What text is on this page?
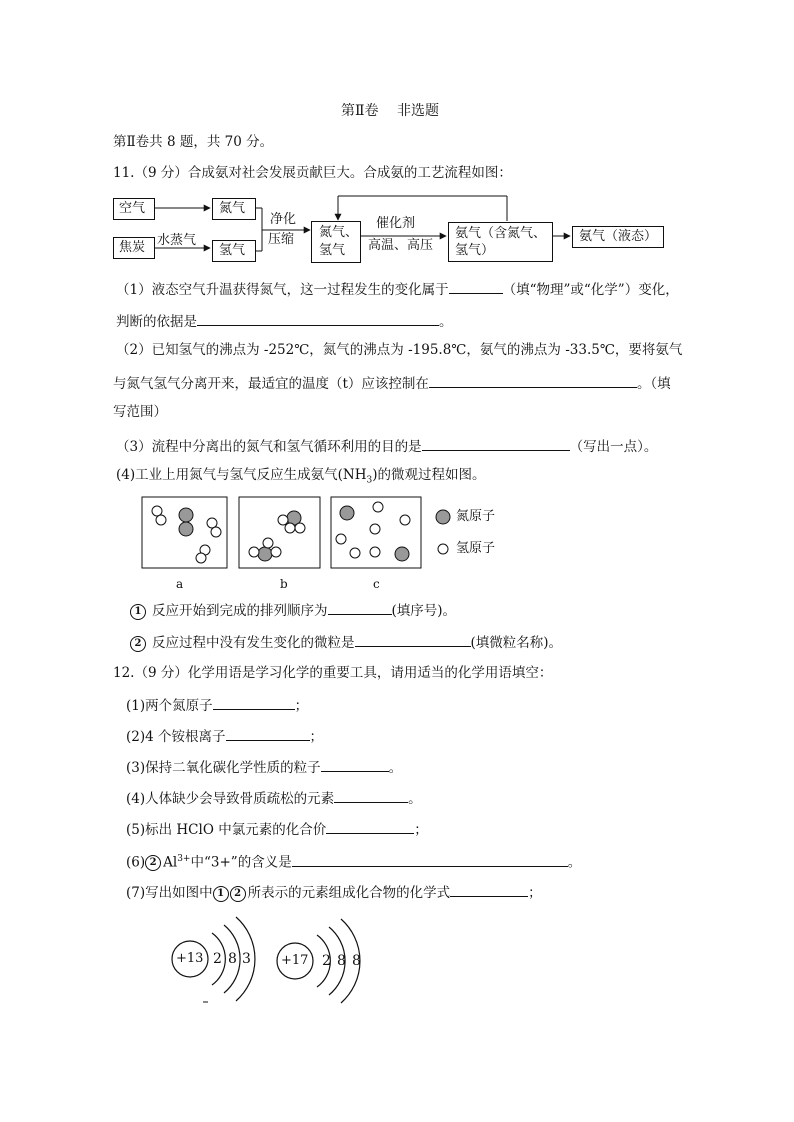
第Ⅱ卷　 非选题
第Ⅱ卷共 8 题，共 70 分。
11.（9 分）合成氨对社会发展贡献巨大。合成氨的工艺流程如图：
空气
焦炭 水蒸气
氮气
氢气
净化
压缩 氮气、
氢气
催化剂
高温、高压
氨气（含氮气、
氢气）
氨气（液态）
（1）液态空气升温获得氮气，这一过程发生的变化属于	（填“物理”或“化学”）变化，
判断的依据是	。
（2）已知氢气的沸点为 -252℃，氮气的沸点为 -195.8℃，氨气的沸点为 -33.5℃，要将氨气
与氮气氢气分离开来，最适宜的温度（t）应该控制在	。（填
写范围）
（3）流程中分离出的氮气和氢气循环利用的目的是	（写出一点）。
(4)工业上用氮气与氢气反应生成氨气$(NH_3)$的微观过程如图。
a	b	c
氮原子
氢原子
1 反应开始到完成的排列顺序为	(填序号)。
2 反应过程中没有发生变化的微粒是	(填微粒名称)。
12.（9 分）化学用语是学习化学的重要工具，请用适当的化学用语填空：
(1)两个氮原子	；
(2)4 个铵根离子	；
(3)保持二氧化碳化学性质的粒子	。
(4)人体缺少会导致骨质疏松的元素	。
(5)标出 HClO 中氯元素的化合价	；
(6) 2 $Al^{3+}$中“3+”的含义是	。
(7)写出如图中 1 2 所表示的元素组成化合物的化学式	；
+13 2 8 3 +17 2 8 8
